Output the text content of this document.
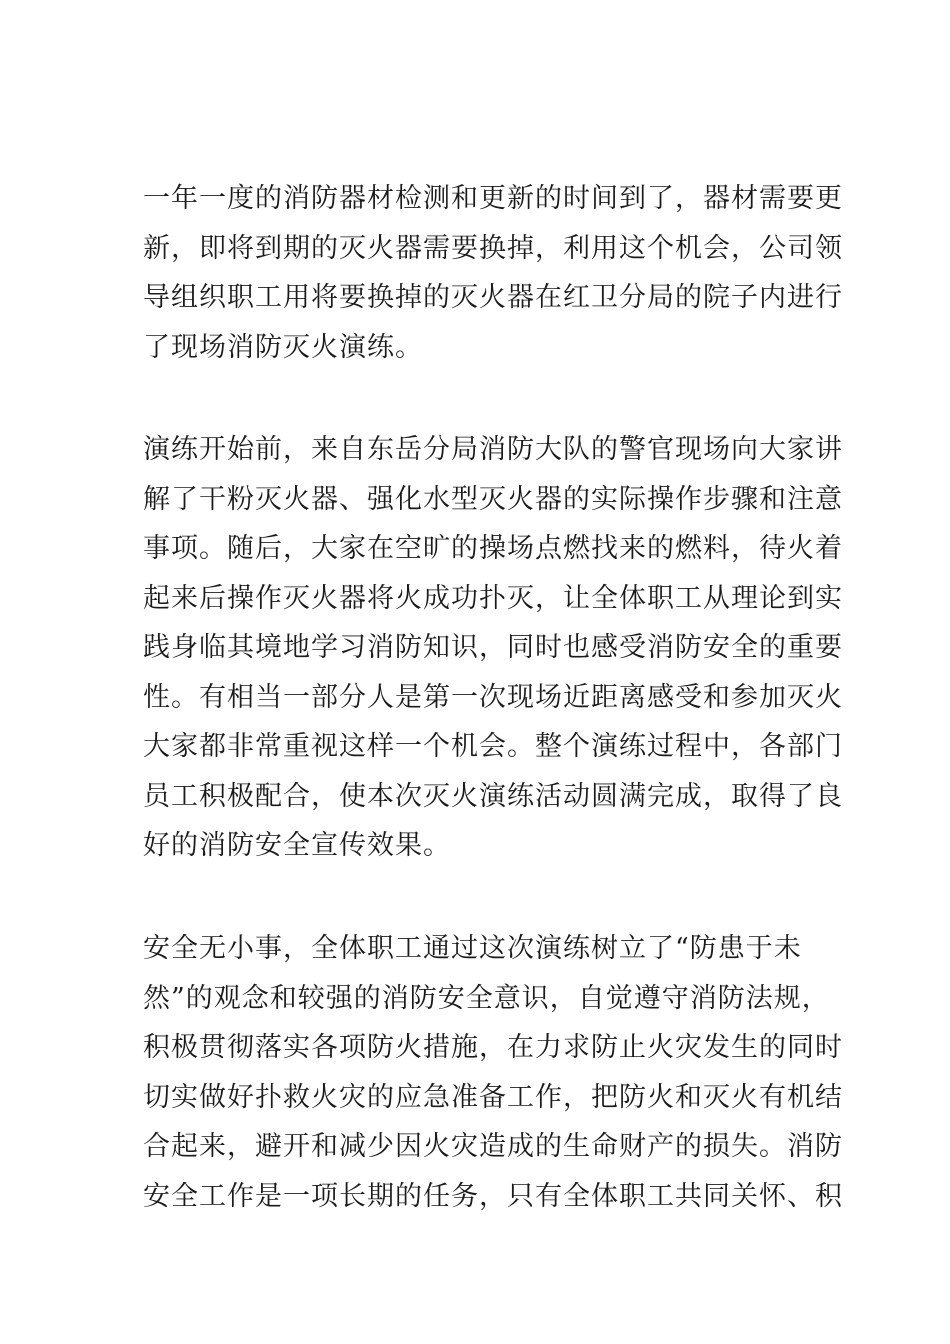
一年一度的消防器材检测和更新的时间到了，器材需要更
新，即将到期的灭火器需要换掉，利用这个机会，公司领
导组织职工用将要换掉的灭火器在红卫分局的院子内进行
了现场消防灭火演练。
演练开始前，来自东岳分局消防大队的警官现场向大家讲
解了干粉灭火器、强化水型灭火器的实际操作步骤和注意
事项。随后，大家在空旷的操场点燃找来的燃料，待火着
起来后操作灭火器将火成功扑灭，让全体职工从理论到实
践身临其境地学习消防知识，同时也感受消防安全的重要
性。有相当一部分人是第一次现场近距离感受和参加灭火
大家都非常重视这样一个机会。整个演练过程中，各部门
员工积极配合，使本次灭火演练活动圆满完成，取得了良
好的消防安全宣传效果。
安全无小事，全体职工通过这次演练树立了“防患于未
然”的观念和较强的消防安全意识，自觉遵守消防法规，
积极贯彻落实各项防火措施，在力求防止火灾发生的同时
切实做好扑救火灾的应急准备工作，把防火和灭火有机结
合起来，避开和减少因火灾造成的生命财产的损失。消防
安全工作是一项长期的任务，只有全体职工共同关怀、积
